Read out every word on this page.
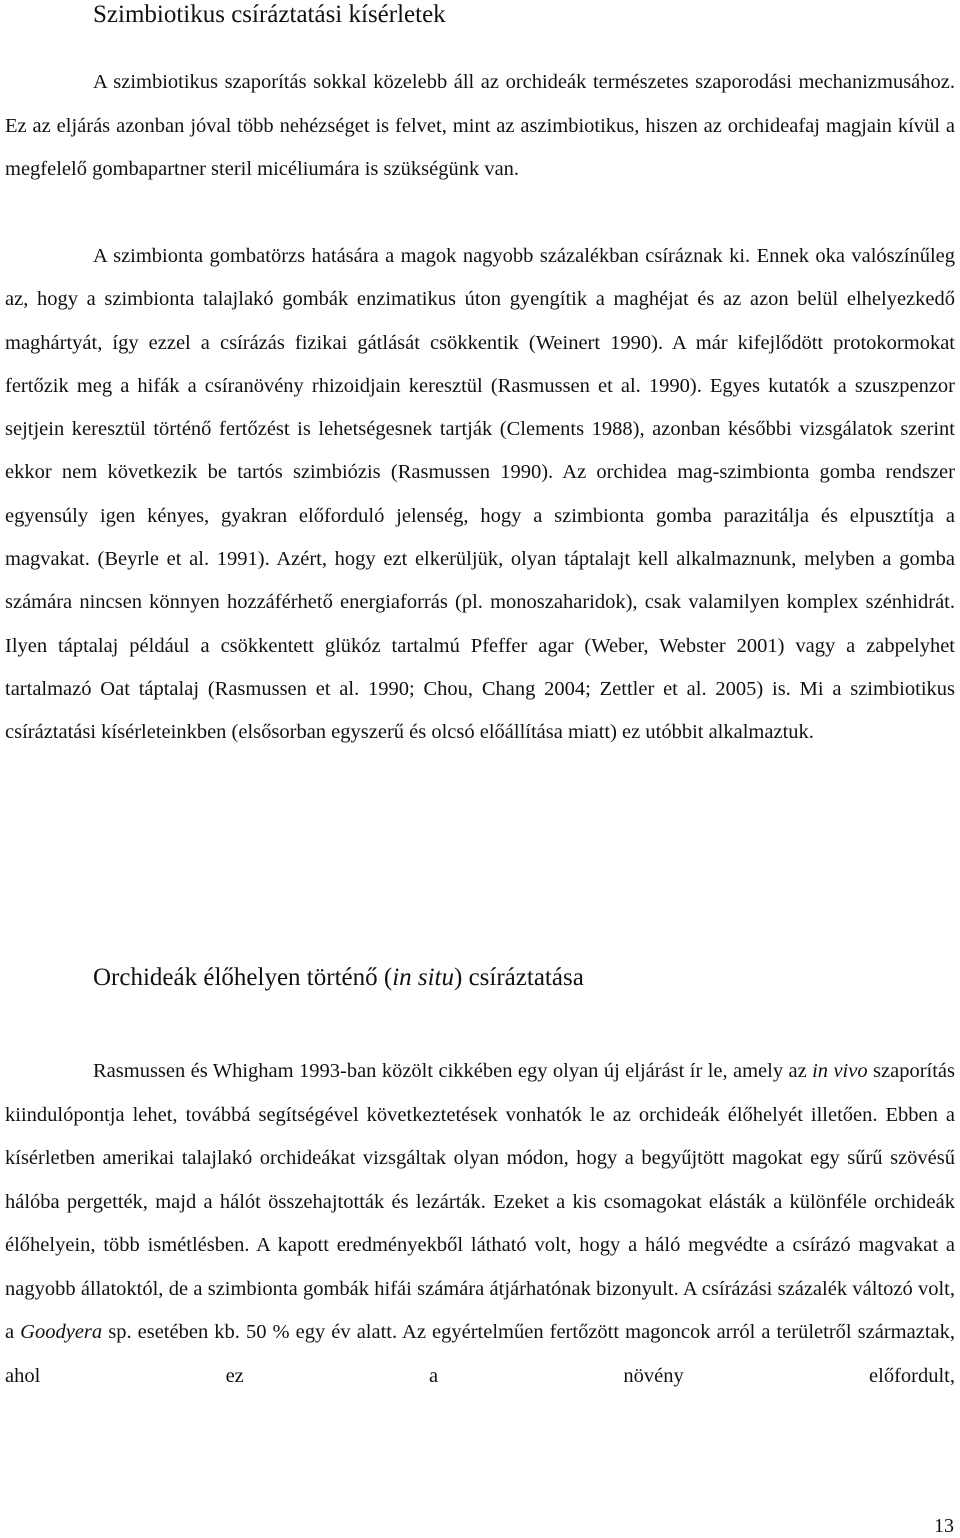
Szimbiotikus csíráztatási kísérletek

A szimbiotikus szaporítás sokkal közelebb áll az orchideák természetes szaporodási mechanizmusához. Ez az eljárás azonban jóval több nehézséget is felvet, mint az aszimbiotikus, hiszen az orchideafaj magjain kívül a megfelelő gombapartner steril micéliumára is szükségünk van.

A szimbionta gombatörzs hatására a magok nagyobb százalékban csíráznak ki. Ennek oka valószínűleg az, hogy a szimbionta talajlakó gombák enzimatikus úton gyengítik a maghéjat és az azon belül elhelyezkedő maghártyát, így ezzel a csírázás fizikai gátlását csökkentik (Weinert 1990). A már kifejlődött protokormokat fertőzik meg a hifák a csíranövény rhizoidjain keresztül (Rasmussen et al. 1990). Egyes kutatók a szuszpenzor sejtjein keresztül történő fertőzést is lehetségesnek tartják (Clements 1988), azonban későbbi vizsgálatok szerint ekkor nem következik be tartós szimbiózis (Rasmussen 1990). Az orchidea mag-szimbionta gomba rendszer egyensúly igen kényes, gyakran előforduló jelenség, hogy a szimbionta gomba parazitálja és elpusztítja a magvakat. (Beyrle et al. 1991). Azért, hogy ezt elkerüljük, olyan táptalajt kell alkalmaznunk, melyben a gomba számára nincsen könnyen hozzáférhető energiaforrás (pl. monoszaharidok), csak valamilyen komplex szénhidrát. Ilyen táptalaj például a csökkentett glükóz tartalmú Pfeffer agar (Weber, Webster 2001) vagy a zabpelyhet tartalmazó Oat táptalaj (Rasmussen et al. 1990; Chou, Chang 2004; Zettler et al. 2005) is. Mi a szimbiotikus csíráztatási kísérleteinkben (elsősorban egyszerű és olcsó előállítása miatt) ez utóbbit alkalmaztuk.

Orchideák élőhelyen történő (in situ) csíráztatása

Rasmussen és Whigham 1993-ban közölt cikkében egy olyan új eljárást ír le, amely az in vivo szaporítás kiindulópontja lehet, továbbá segítségével következtetések vonhatók le az orchideák élőhelyét illetően. Ebben a kísérletben amerikai talajlakó orchideákat vizsgáltak olyan módon, hogy a begyűjtött magokat egy sűrű szövésű hálóba pergették, majd a hálót összehajtották és lezárták. Ezeket a kis csomagokat elásták a különféle orchideák élőhelyein, több ismétlésben. A kapott eredményekből látható volt, hogy a háló megvédte a csírázó magvakat a nagyobb állatoktól, de a szimbionta gombák hifái számára átjárhatónak bizonyult. A csírázási százalék változó volt, a Goodyera sp. esetében kb. 50 % egy év alatt. Az egyértelműen fertőzött magoncok arról a területről származtak, ahol ez a növény előfordult,

13
